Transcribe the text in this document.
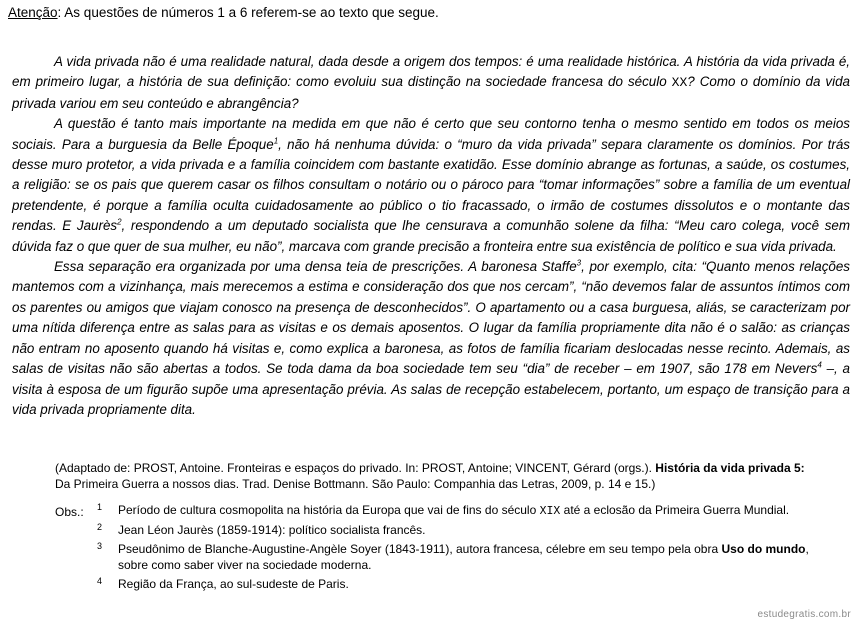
Atenção: As questões de números 1 a 6 referem-se ao texto que segue.

A vida privada não é uma realidade natural, dada desde a origem dos tempos: é uma realidade histórica. A história da vida privada é, em primeiro lugar, a história de sua definição: como evoluiu sua distinção na sociedade francesa do século XX? Como o domínio da vida privada variou em seu conteúdo e abrangência?

A questão é tanto mais importante na medida em que não é certo que seu contorno tenha o mesmo sentido em todos os meios sociais. Para a burguesia da Belle Époque$^1$, não há nenhuma dúvida: o “muro da vida privada” separa claramente os domínios. Por trás desse muro protetor, a vida privada e a família coincidem com bastante exatidão. Esse domínio abrange as fortunas, a saúde, os costumes, a religião: se os pais que querem casar os filhos consultam o notário ou o pároco para “tomar informações” sobre a família de um eventual pretendente, é porque a família oculta cuidadosamente ao público o tio fracassado, o irmão de costumes dissolutos e o montante das rendas. E Jaurès$^2$, respondendo a um deputado socialista que lhe censurava a comunhão solene da filha: “Meu caro colega, você sem dúvida faz o que quer de sua mulher, eu não”, marcava com grande precisão a fronteira entre sua existência de político e sua vida privada.

Essa separação era organizada por uma densa teia de prescrições. A baronesa Staffe$^3$, por exemplo, cita: “Quanto menos relações mantemos com a vizinhança, mais merecemos a estima e consideração dos que nos cercam”, “não devemos falar de assuntos íntimos com os parentes ou amigos que viajam conosco na presença de desconhecidos”. O apartamento ou a casa burguesa, aliás, se caracterizam por uma nítida diferença entre as salas para as visitas e os demais aposentos. O lugar da família propriamente dita não é o salão: as crianças não entram no aposento quando há visitas e, como explica a baronesa, as fotos de família ficariam deslocadas nesse recinto. Ademais, as salas de visitas não são abertas a todos. Se toda dama da boa sociedade tem seu “dia” de receber – em 1907, são 178 em Nevers$^4$ –, a visita à esposa de um figurão supõe uma apresentação prévia. As salas de recepção estabelecem, portanto, um espaço de transição para a vida privada propriamente dita.

(Adaptado de: PROST, Antoine. Fronteiras e espaços do privado. In: PROST, Antoine; VINCENT, Gérard (orgs.). História da vida privada 5:
Da Primeira Guerra a nossos dias. Trad. Denise Bottmann. São Paulo: Companhia das Letras, 2009, p. 14 e 15.)
Obs.: 1 Período de cultura cosmopolita na história da Europa que vai de fins do século XIX até a eclosão da Primeira Guerra Mundial.
2 Jean Léon Jaurès (1859-1914): político socialista francês.
3 Pseudônimo de Blanche-Augustine-Angèle Soyer (1843-1911), autora francesa, célebre em seu tempo pela obra Uso do mundo,
sobre como saber viver na sociedade moderna.
4 Região da França, ao sul-sudeste de Paris.
estudegratis.com.br
